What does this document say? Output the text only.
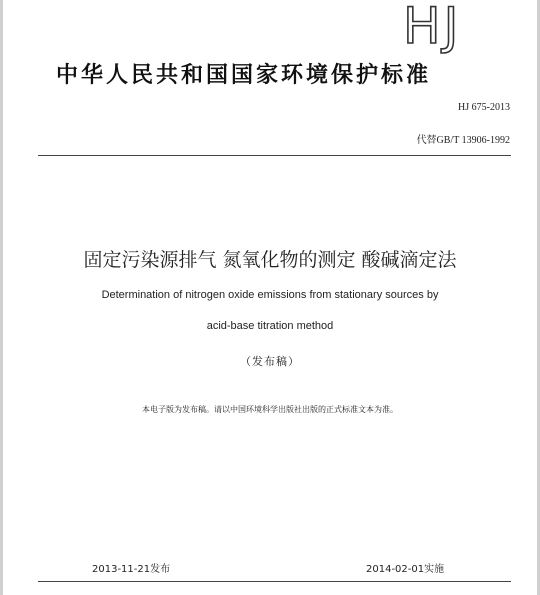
HJ
中华人民共和国国家环境保护标准
HJ 675-2013
代替GB/T 13906-1992
固定污染源排气 氮氧化物的测定 酸碱滴定法
Determination of nitrogen oxide emissions from stationary sources by
acid-base titration method
（发布稿）
本电子版为发布稿。请以中国环境科学出版社出版的正式标准文本为准。
2013-11-21发布	2014-02-01实施
